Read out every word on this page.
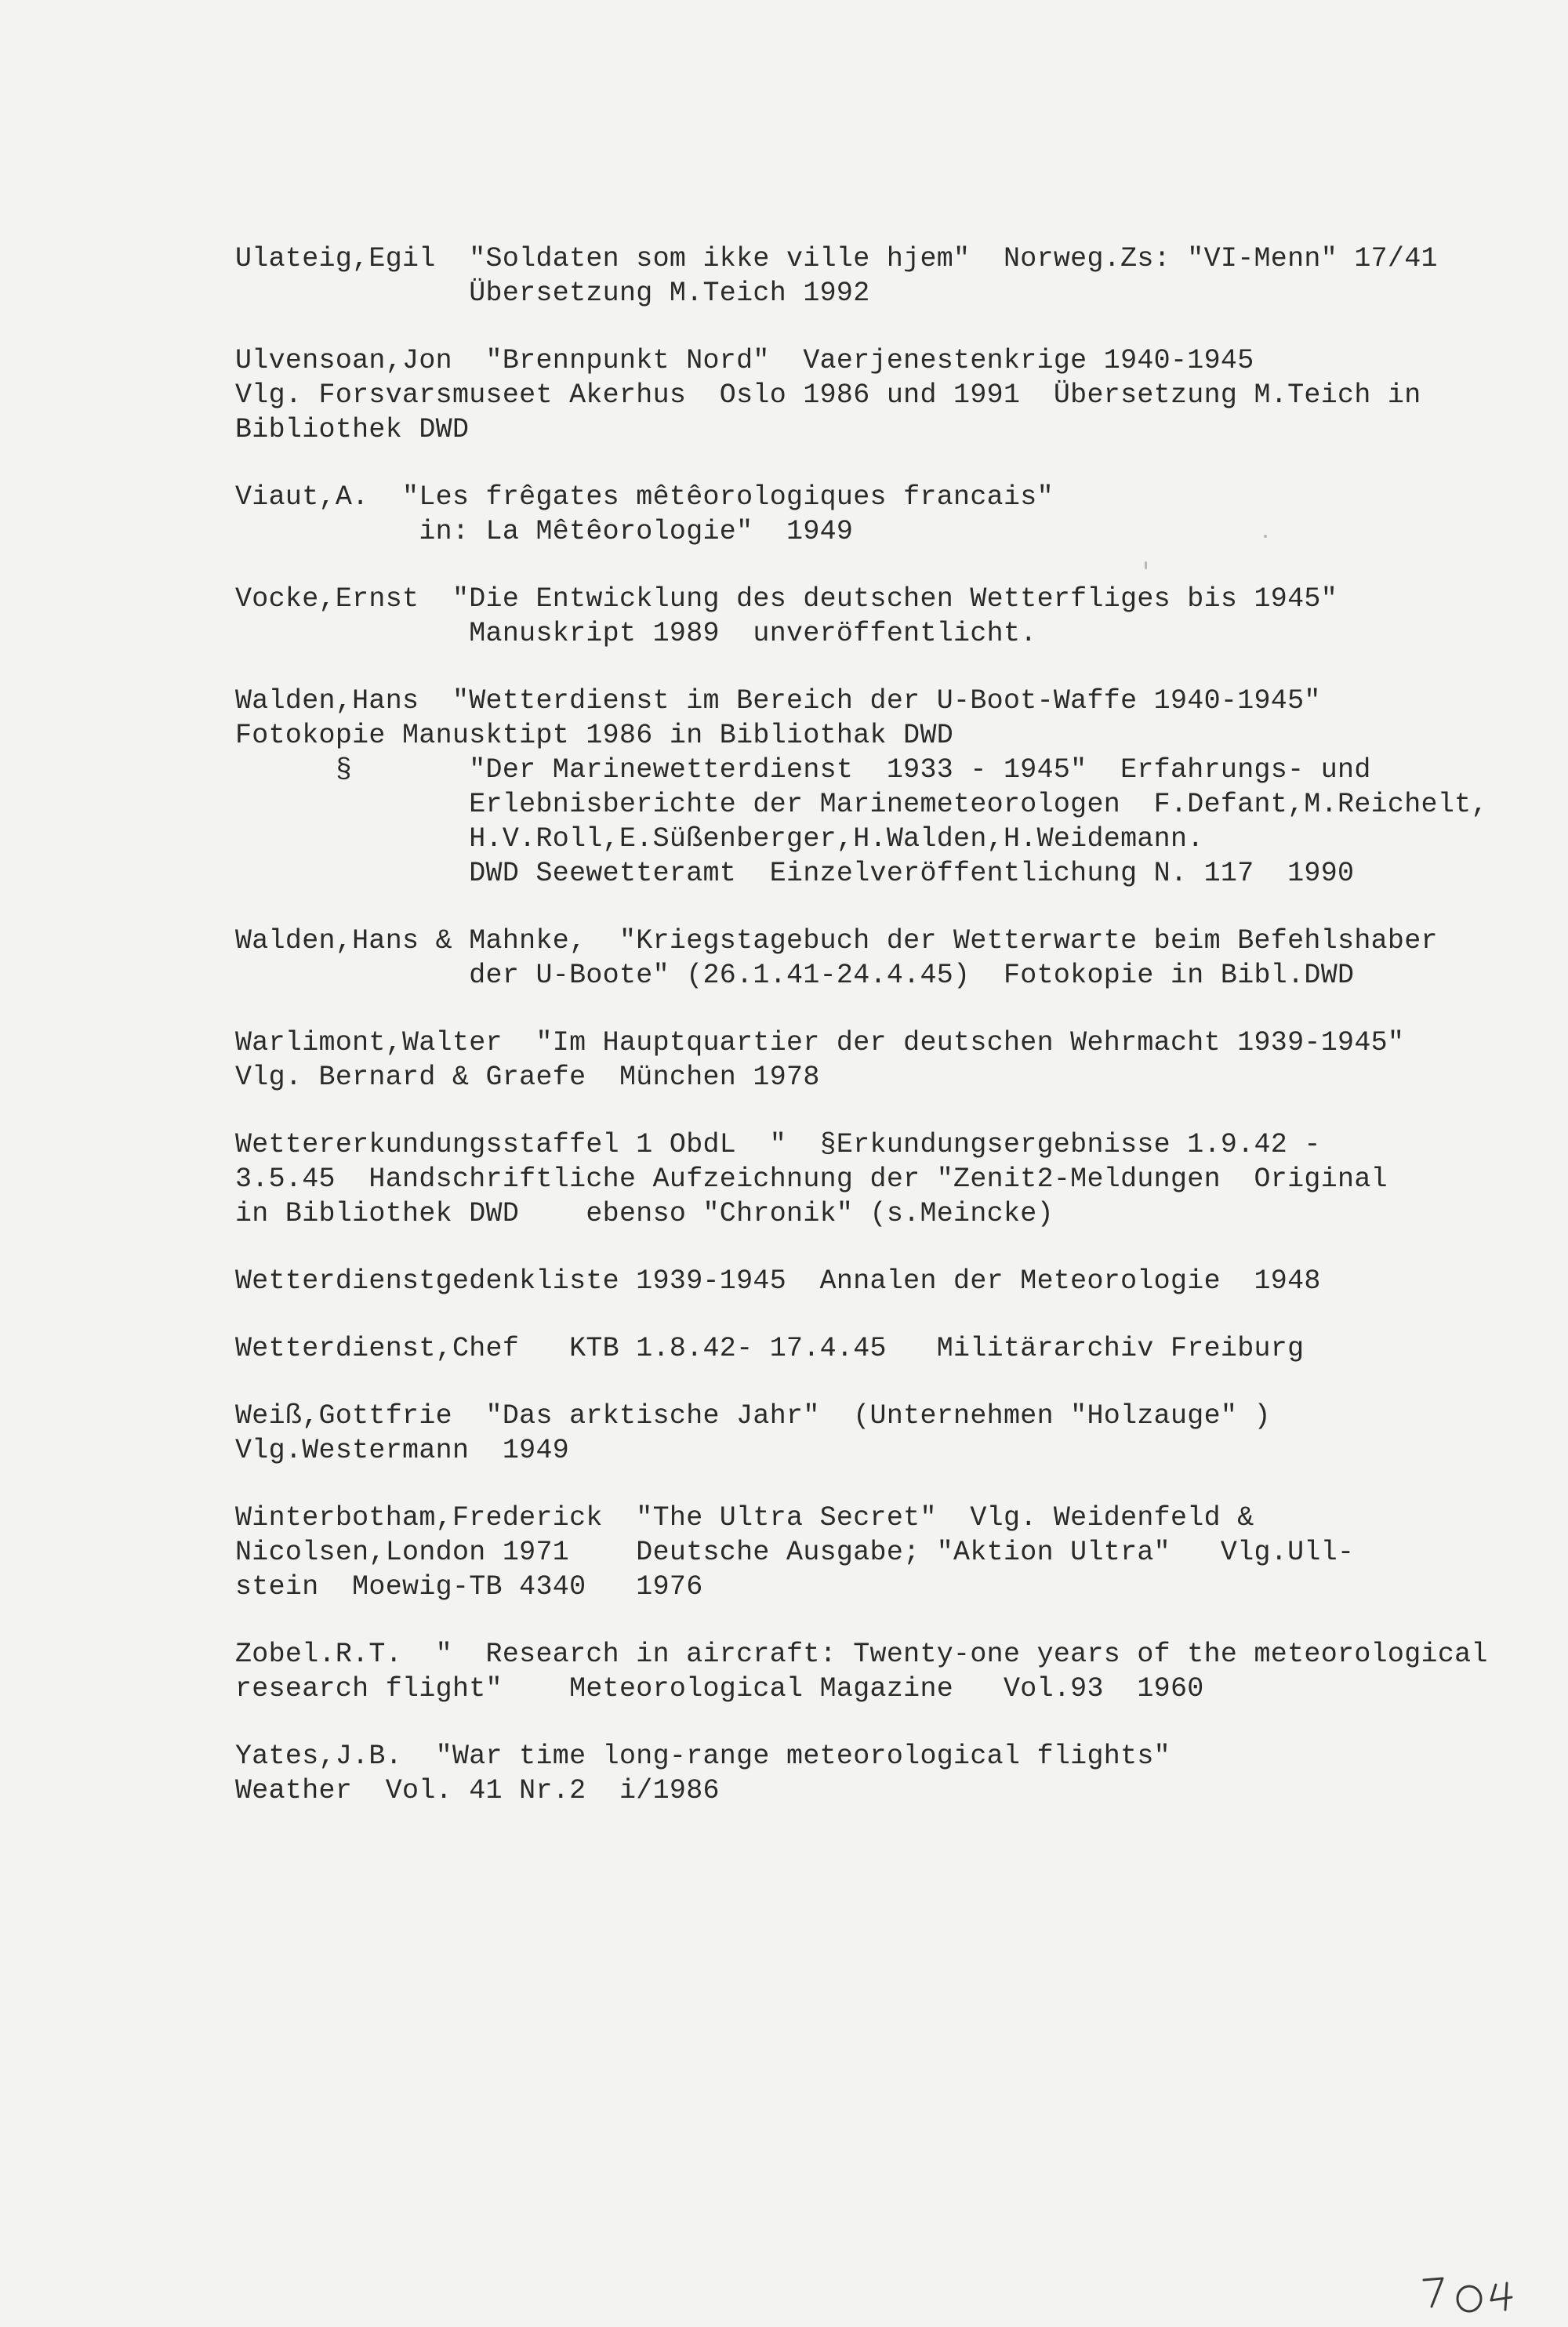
Ulateig,Egil  "Soldaten som ikke ville hjem"  Norweg.Zs: "VI-Menn" 17/41
Übersetzung M.Teich 1992
Ulvensoan,Jon  "Brennpunkt Nord"  Vaerjenestenkrige 1940-1945
Vlg. Forsvarsmuseet Akerhus  Oslo 1986 und 1991  Übersetzung M.Teich in
Bibliothek DWD
Viaut,A.  "Les frêgates mêtêorologiques francais"
in: La Mêtêorologie"  1949
Vocke,Ernst  "Die Entwicklung des deutschen Wetterfliges bis 1945"
Manuskript 1989  unveröffentlicht.
Walden,Hans  "Wetterdienst im Bereich der U-Boot-Waffe 1940-1945"
Fotokopie Manusktipt 1986 in Bibliothak DWD
§       "Der Marinewetterdienst  1933 - 1945"  Erfahrungs- und
Erlebnisberichte der Marinemeteorologen  F.Defant,M.Reichelt,
H.V.Roll,E.Süßenberger,H.Walden,H.Weidemann.
DWD Seewetteramt  Einzelveröffentlichung N. 117  1990
Walden,Hans & Mahnke,  "Kriegstagebuch der Wetterwarte beim Befehlshaber
der U-Boote" (26.1.41-24.4.45)  Fotokopie in Bibl.DWD
Warlimont,Walter  "Im Hauptquartier der deutschen Wehrmacht 1939-1945"
Vlg. Bernard & Graefe  München 1978
Wettererkundungsstaffel 1 ObdL  "  §Erkundungsergebnisse 1.9.42 -
3.5.45  Handschriftliche Aufzeichnung der "Zenit2-Meldungen  Original
in Bibliothek DWD    ebenso "Chronik" (s.Meincke)
Wetterdienstgedenkliste 1939-1945  Annalen der Meteorologie  1948
Wetterdienst,Chef   KTB 1.8.42- 17.4.45   Militärarchiv Freiburg
Weiß,Gottfrie  "Das arktische Jahr"  (Unternehmen "Holzauge" )
Vlg.Westermann  1949
Winterbotham,Frederick  "The Ultra Secret"  Vlg. Weidenfeld &
Nicolsen,London 1971    Deutsche Ausgabe; "Aktion Ultra"   Vlg.Ull-
stein  Moewig-TB 4340   1976
Zobel.R.T.  "  Research in aircraft: Twenty-one years of the meteorological
research flight"    Meteorological Magazine   Vol.93  1960
Yates,J.B.  "War time long-range meteorological flights"
Weather  Vol. 41 Nr.2  i/1986
